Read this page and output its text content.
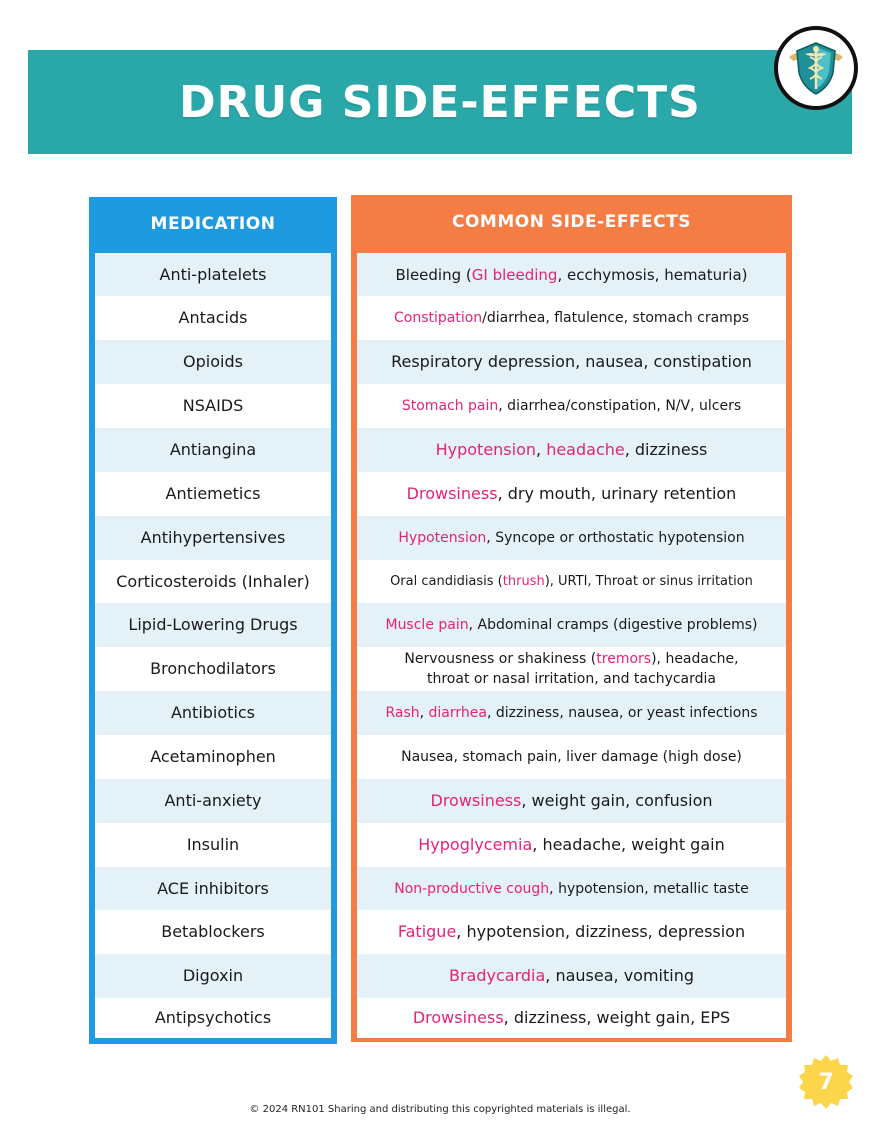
DRUG SIDE-EFFECTS
MEDICATION	COMMON SIDE-EFFECTS
Anti-platelets
Antacids
Opioids
NSAIDS
Antiangina
Antiemetics
Antihypertensives
Corticosteroids (Inhaler)
Lipid-Lowering Drugs
Bronchodilators
Antibiotics
Acetaminophen
Anti-anxiety
Insulin
ACE inhibitors
Betablockers
Digoxin
Antipsychotics
Bleeding (GI bleeding, ecchymosis, hematuria)
Constipation/diarrhea, flatulence, stomach cramps
Respiratory depression, nausea, constipation
Stomach pain, diarrhea/constipation, N/V, ulcers
Hypotension, headache, dizziness
Drowsiness, dry mouth, urinary retention
Hypotension, Syncope or orthostatic hypotension
Oral candidiasis (thrush), URTI, Throat or sinus irritation
Muscle pain, Abdominal cramps (digestive problems)
Nervousness or shakiness (tremors), headache, throat or nasal irritation, and tachycardia
Rash, diarrhea, dizziness, nausea, or yeast infections
Nausea, stomach pain, liver damage (high dose)
Drowsiness, weight gain, confusion
Hypoglycemia, headache, weight gain
Non-productive cough, hypotension, metallic taste
Fatigue, hypotension, dizziness, depression
Bradycardia, nausea, vomiting
Drowsiness, dizziness, weight gain, EPS
7
© 2024 RN101 Sharing and distributing this copyrighted materials is illegal.
